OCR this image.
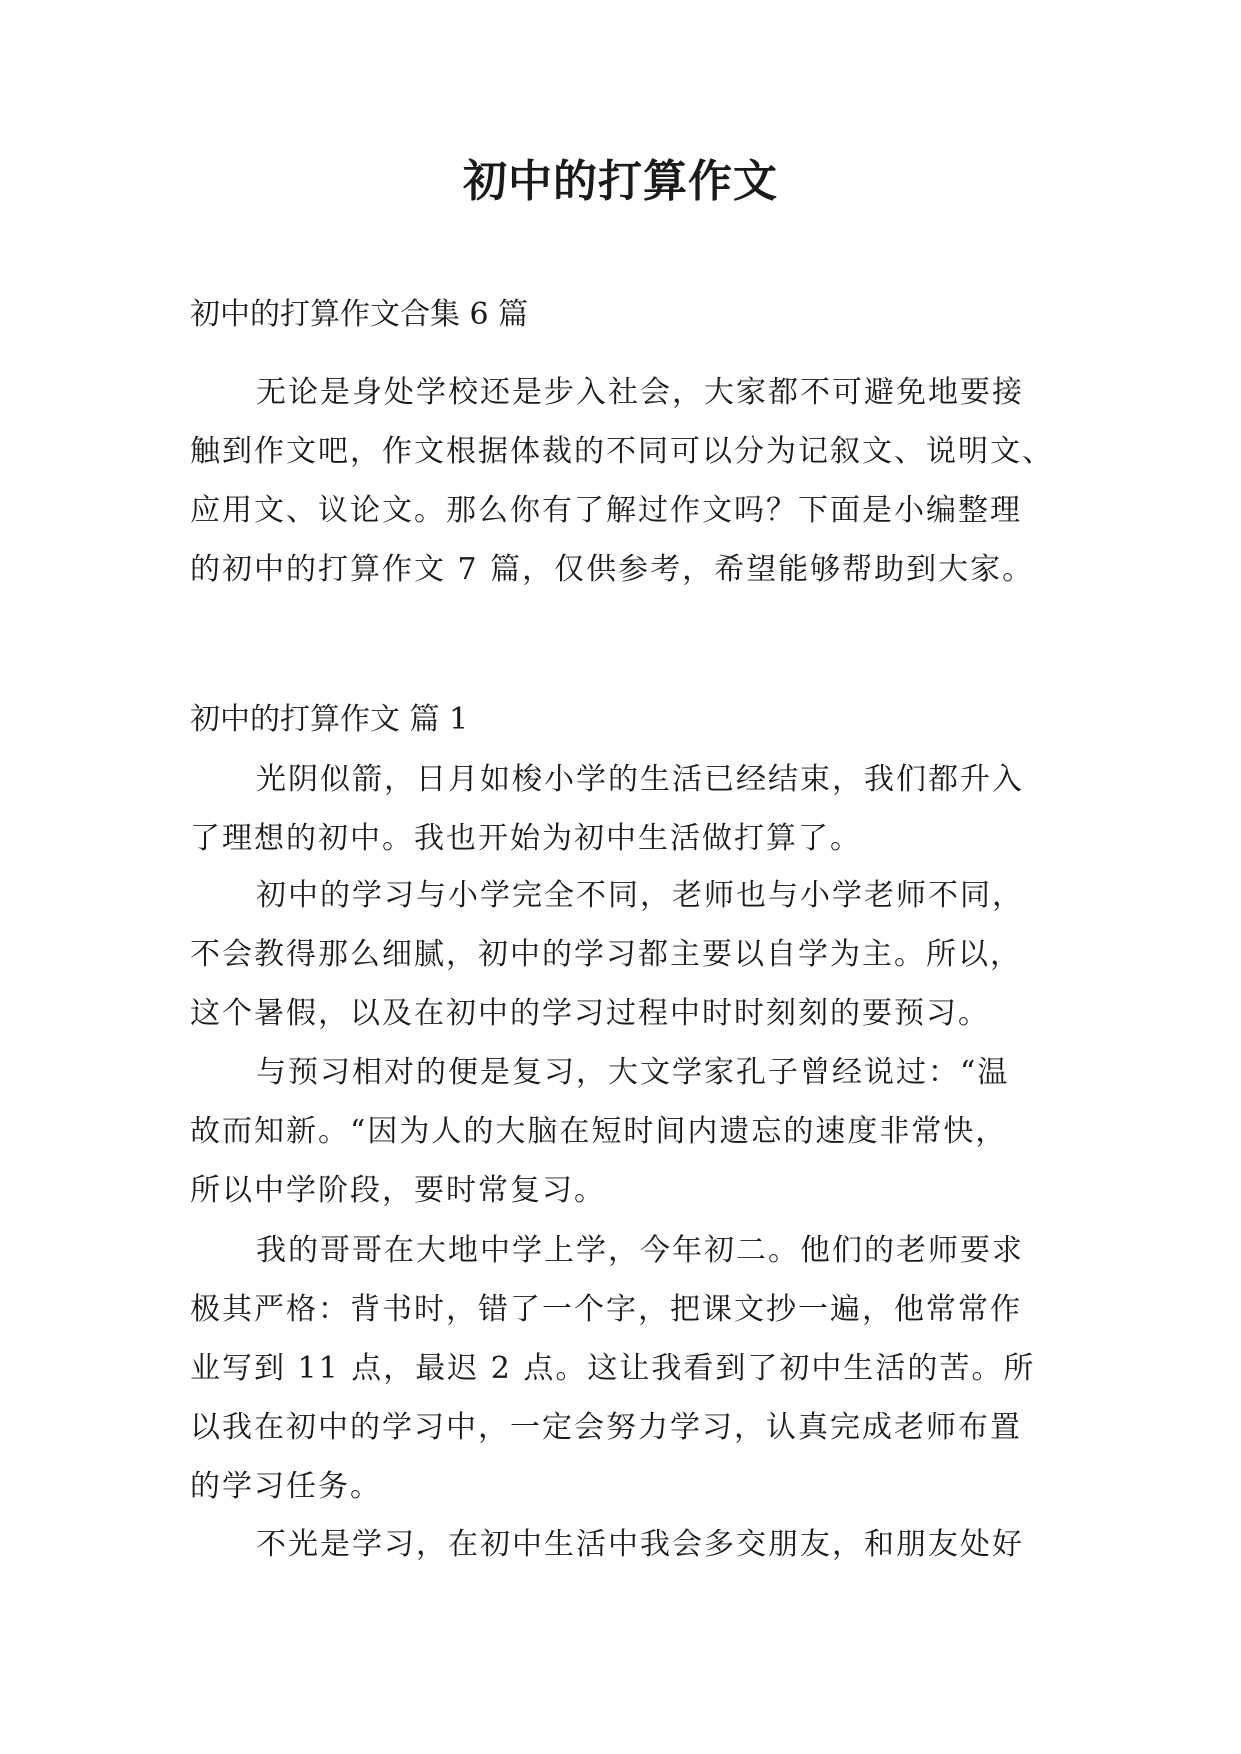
初中的打算作文
初中的打算作文合集 6 篇
无论是身处学校还是步入社会，大家都不可避免地要接
触到作文吧，作文根据体裁的不同可以分为记叙文、说明文、
应用文、议论文。那么你有了解过作文吗？下面是小编整理
的初中的打算作文 7 篇，仅供参考，希望能够帮助到大家。
初中的打算作文 篇 1
光阴似箭，日月如梭小学的生活已经结束，我们都升入
了理想的初中。我也开始为初中生活做打算了。
初中的学习与小学完全不同，老师也与小学老师不同，
不会教得那么细腻，初中的学习都主要以自学为主。所以，
这个暑假，以及在初中的学习过程中时时刻刻的要预习。
与预习相对的便是复习，大文学家孔子曾经说过：“温
故而知新。“因为人的大脑在短时间内遗忘的速度非常快，
所以中学阶段，要时常复习。
我的哥哥在大地中学上学，今年初二。他们的老师要求
极其严格：背书时，错了一个字，把课文抄一遍，他常常作
业写到 11 点，最迟 2 点。这让我看到了初中生活的苦。所
以我在初中的学习中，一定会努力学习，认真完成老师布置
的学习任务。
不光是学习，在初中生活中我会多交朋友，和朋友处好
